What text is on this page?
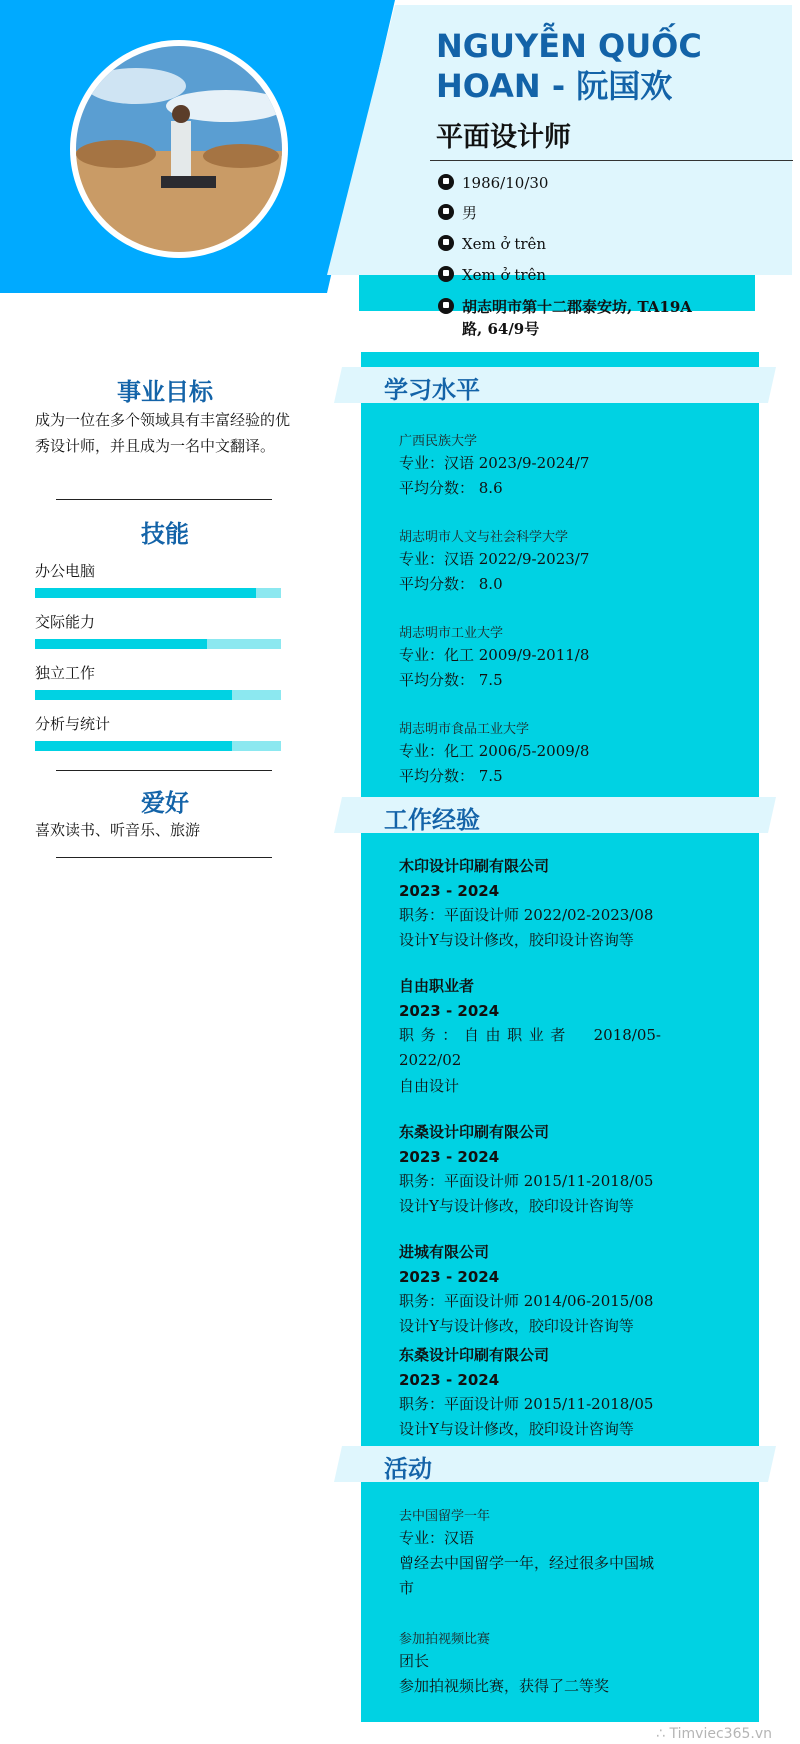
NGUYỄN QUỐC HOAN - 阮国欢
平面设计师
1986/10/30
男
Xem ở trên
Xem ở trên
胡志明市第十二郡泰安坊, TA19A路, 64/9号
学习水平
广西民族大学
专业：汉语 2023/9-2024/7
平均分数： 8.6
胡志明市人文与社会科学大学
专业：汉语 2022/9-2023/7
平均分数： 8.0
胡志明市工业大学
专业：化工 2009/9-2011/8
平均分数： 7.5
胡志明市食品工业大学
专业：化工 2006/5-2009/8
平均分数： 7.5
工作经验
木印设计印刷有限公司
2023 - 2024
职务：平面设计师 2022/02-2023/08
设计Y与设计修改，胶印设计咨询等
自由职业者
2023 - 2024
职务：自由职业者　2018/05-2022/02
自由设计
东桑设计印刷有限公司
2023 - 2024
职务：平面设计师 2015/11-2018/05
设计Y与设计修改，胶印设计咨询等
进城有限公司
2023 - 2024
职务：平面设计师 2014/06-2015/08
设计Y与设计修改，胶印设计咨询等
东桑设计印刷有限公司
2023 - 2024
职务：平面设计师 2015/11-2018/05
设计Y与设计修改，胶印设计咨询等
活动
去中国留学一年
专业：汉语
曾经去中国留学一年，经过很多中国城市
参加拍视频比赛
团长
参加拍视频比赛，获得了二等奖
事业目标
成为一位在多个领域具有丰富经验的优秀设计师，并且成为一名中文翻译。
技能
办公电脑
交际能力
独立工作
分析与统计
爱好
喜欢读书、听音乐、旅游
∴ Timviec365.vn
